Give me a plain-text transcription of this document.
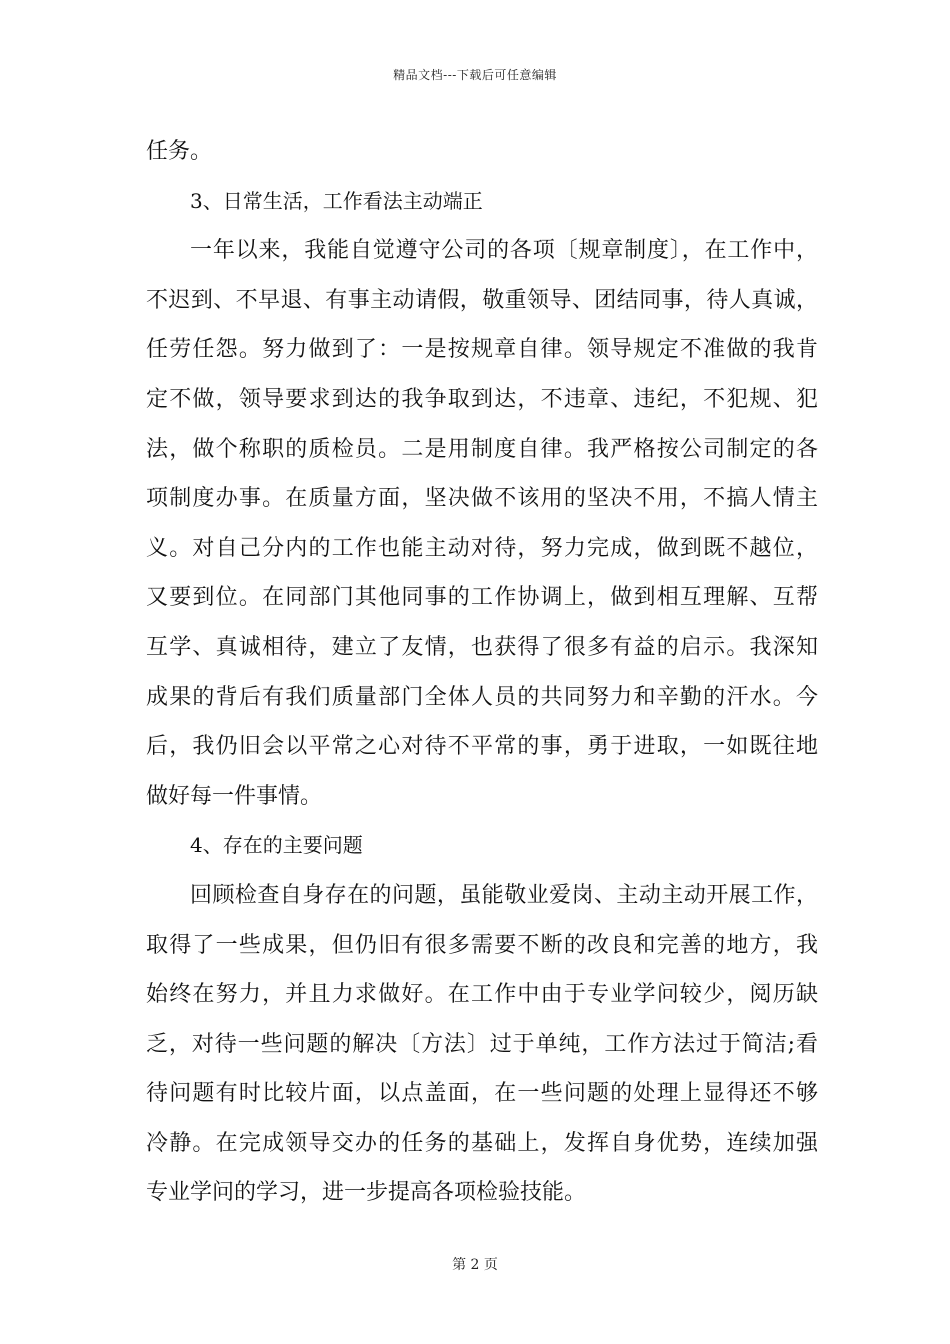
精品文档---下载后可任意编辑
任务。
3、日常生活，工作看法主动端正
一年以来，我能自觉遵守公司的各项〔规章制度〕，在工作中，
不迟到、不早退、有事主动请假，敬重领导、团结同事，待人真诚，
任劳任怨。努力做到了：一是按规章自律。领导规定不准做的我肯
定不做，领导要求到达的我争取到达，不违章、违纪，不犯规、犯
法，做个称职的质检员。二是用制度自律。我严格按公司制定的各
项制度办事。在质量方面，坚决做不该用的坚决不用，不搞人情主
义。对自己分内的工作也能主动对待，努力完成，做到既不越位，
又要到位。在同部门其他同事的工作协调上，做到相互理解、互帮
互学、真诚相待，建立了友情，也获得了很多有益的启示。我深知
成果的背后有我们质量部门全体人员的共同努力和辛勤的汗水。今
后，我仍旧会以平常之心对待不平常的事，勇于进取，一如既往地
做好每一件事情。
4、存在的主要问题
回顾检查自身存在的问题，虽能敬业爱岗、主动主动开展工作，
取得了一些成果，但仍旧有很多需要不断的改良和完善的地方，我
始终在努力，并且力求做好。在工作中由于专业学问较少，阅历缺
乏，对待一些问题的解决〔方法〕过于单纯，工作方法过于简洁;看
待问题有时比较片面，以点盖面，在一些问题的处理上显得还不够
冷静。在完成领导交办的任务的基础上，发挥自身优势，连续加强
专业学问的学习，进一步提高各项检验技能。
第 2 页
